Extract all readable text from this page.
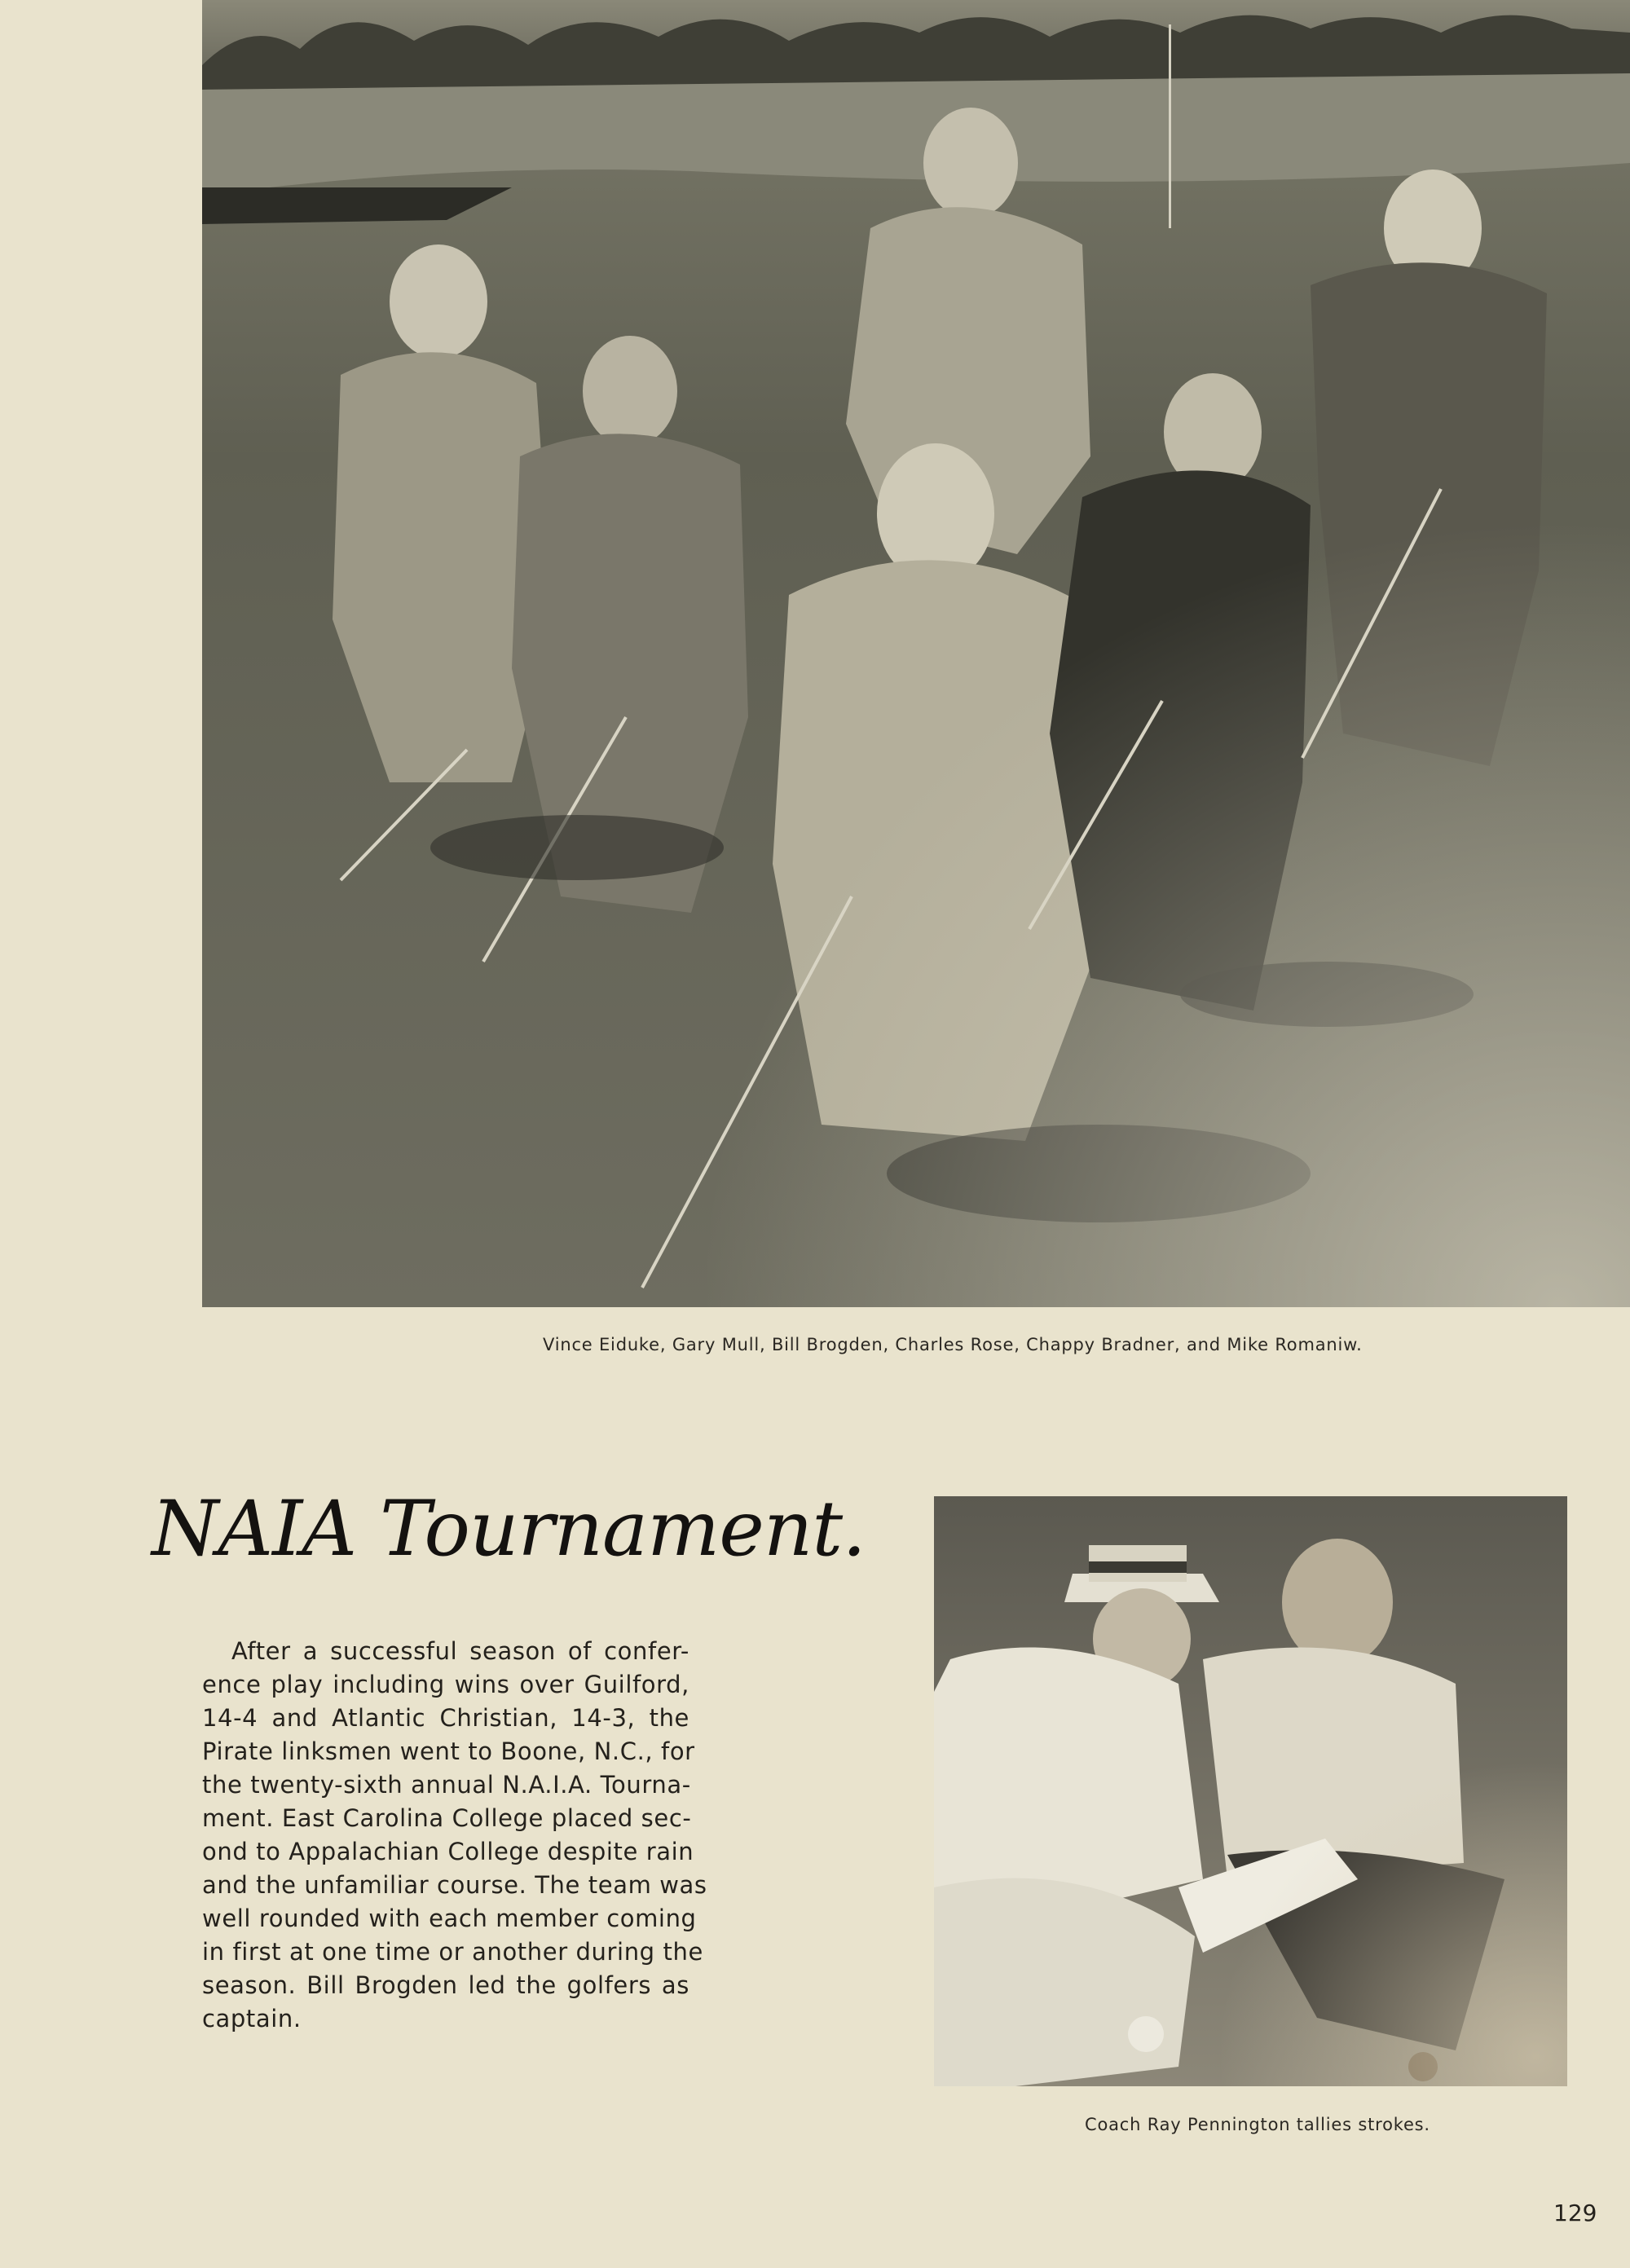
Vince Eiduke, Gary Mull, Bill Brogden, Charles Rose, Chappy Bradner, and Mike Romaniw.
NAIA Tournament.
After a successful season of confer-
ence play including wins over Guilford,
14-4 and Atlantic Christian, 14-3, the
Pirate linksmen went to Boone, N.C., for
the twenty-sixth annual N.A.I.A. Tourna-
ment. East Carolina College placed sec-
ond to Appalachian College despite rain
and the unfamiliar course. The team was
well rounded with each member coming
in first at one time or another during the
season. Bill Brogden led the golfers as
captain.
Coach Ray Pennington tallies strokes.
129
